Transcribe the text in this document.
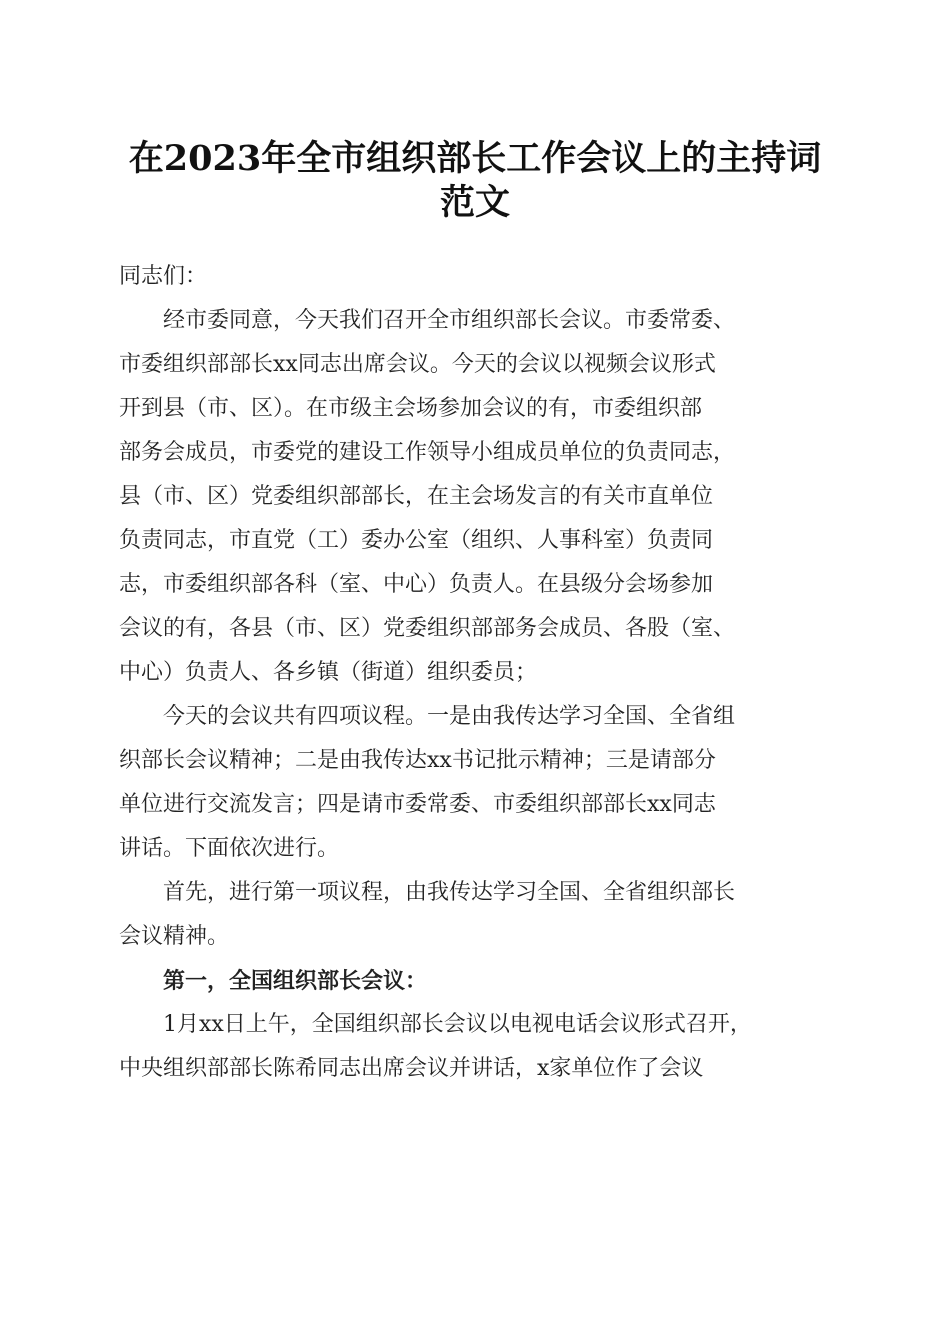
在2023年全市组织部长工作会议上的主持词
范文
同志们：
经市委同意，今天我们召开全市组织部长会议。市委常委、
市委组织部部长xx同志出席会议。今天的会议以视频会议形式
开到县（市、区）。在市级主会场参加会议的有，市委组织部
部务会成员，市委党的建设工作领导小组成员单位的负责同志，
县（市、区）党委组织部部长，在主会场发言的有关市直单位
负责同志，市直党（工）委办公室（组织、人事科室）负责同
志，市委组织部各科（室、中心）负责人。在县级分会场参加
会议的有，各县（市、区）党委组织部部务会成员、各股（室、
中心）负责人、各乡镇（街道）组织委员；
今天的会议共有四项议程。一是由我传达学习全国、全省组
织部长会议精神；二是由我传达xx书记批示精神；三是请部分
单位进行交流发言；四是请市委常委、市委组织部部长xx同志
讲话。下面依次进行。
首先，进行第一项议程，由我传达学习全国、全省组织部长
会议精神。
第一，全国组织部长会议：
1月xx日上午，全国组织部长会议以电视电话会议形式召开，
中央组织部部长陈希同志出席会议并讲话，x家单位作了会议
